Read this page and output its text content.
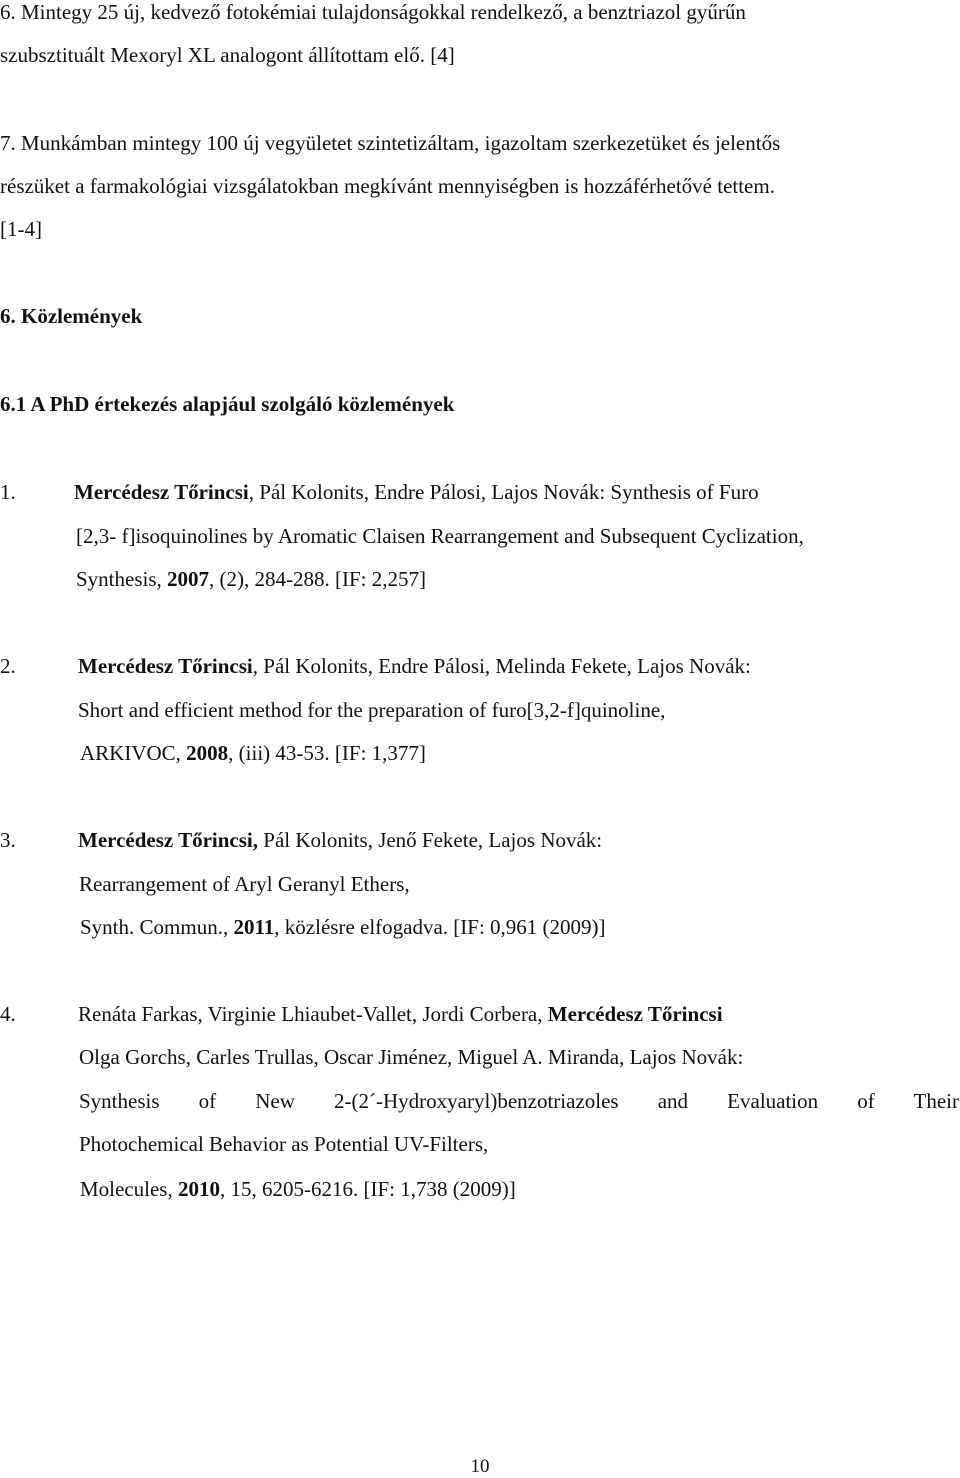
6. Mintegy 25 új, kedvező fotokémiai tulajdonságokkal rendelkező, a benztriazol gyűrűn
szubsztituált Mexoryl XL analogont állítottam elő. [4]
7. Munkámban mintegy 100 új vegyületet szintetizáltam, igazoltam szerkezetüket és jelentős
részüket a farmakológiai vizsgálatokban megkívánt mennyiségben is hozzáférhetővé tettem.
[1-4]
6. Közlemények
6.1 A PhD értekezés alapjául szolgáló közlemények
1.	Mercédesz Tőrincsi, Pál Kolonits, Endre Pálosi, Lajos Novák: Synthesis of Furo
[2,3- f]isoquinolines by Aromatic Claisen Rearrangement and Subsequent Cyclization,
Synthesis, 2007, (2), 284-288. [IF: 2,257]
2.	Mercédesz Tőrincsi, Pál Kolonits, Endre Pálosi, Melinda Fekete, Lajos Novák:
Short and efficient method for the preparation of furo[3,2-f]quinoline,
ARKIVOC, 2008, (iii) 43-53. [IF: 1,377]
3.	Mercédesz Tőrincsi, Pál Kolonits, Jenő Fekete, Lajos Novák:
Rearrangement of Aryl Geranyl Ethers,
Synth. Commun., 2011, közlésre elfogadva. [IF: 0,961 (2009)]
4.	Renáta Farkas, Virginie Lhiaubet-Vallet, Jordi Corbera, Mercédesz Tőrincsi
Olga Gorchs, Carles Trullas, Oscar Jiménez, Miguel A. Miranda, Lajos Novák:
Synthesis of New 2-(2´-Hydroxyaryl)benzotriazoles and Evaluation of Their
Photochemical Behavior as Potential UV-Filters,
Molecules, 2010, 15, 6205-6216. [IF: 1,738 (2009)]
10
